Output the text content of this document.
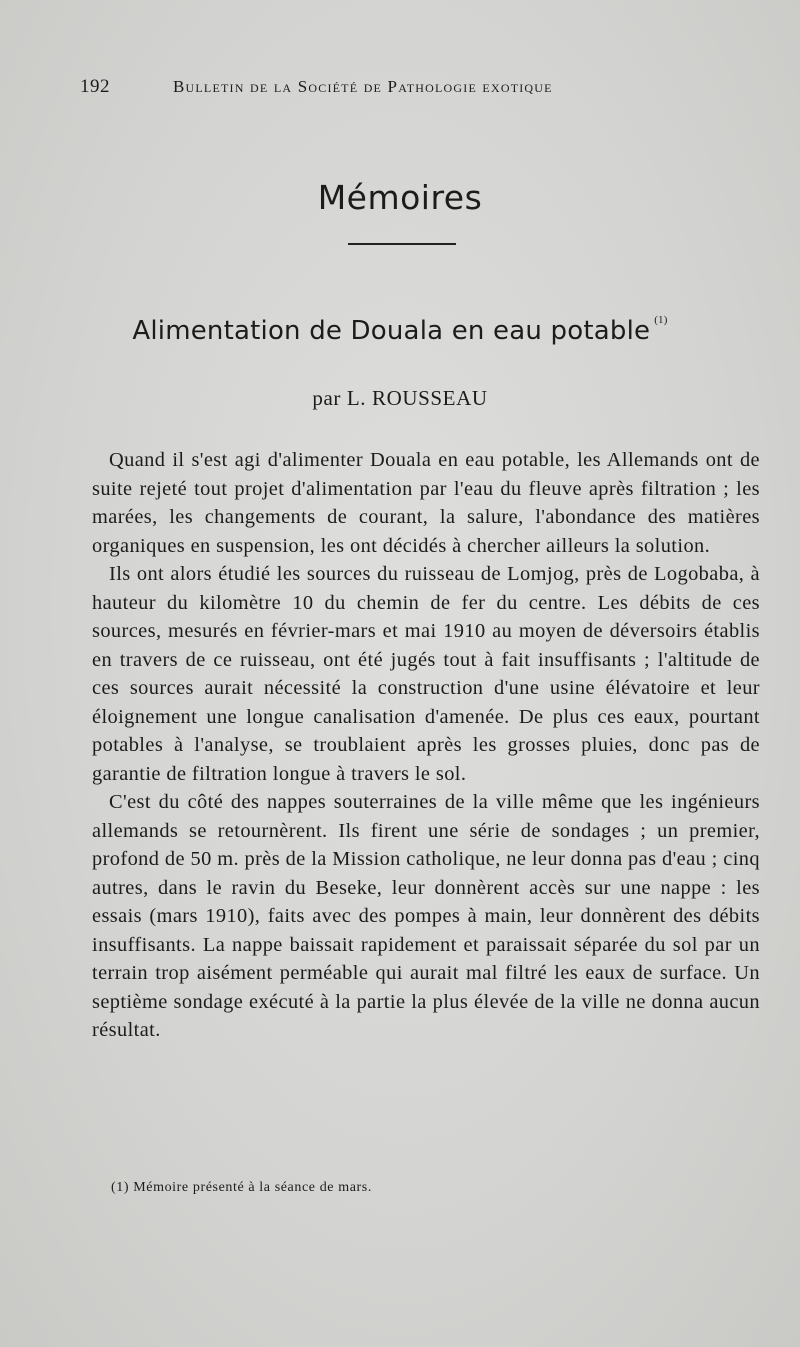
192	Bulletin de la Société de Pathologie exotique
Mémoires
Alimentation de Douala en eau potable $^{(1)}$
par L. ROUSSEAU

Quand il s'est agi d'alimenter Douala en eau potable, les Allemands ont de suite rejeté tout projet d'alimentation par l'eau du fleuve après filtration ; les marées, les changements de courant, la salure, l'abondance des matières organiques en suspension, les ont décidés à chercher ailleurs la solution.

Ils ont alors étudié les sources du ruisseau de Lomjog, près de Logobaba, à hauteur du kilomètre 10 du chemin de fer du centre. Les débits de ces sources, mesurés en février-mars et mai 1910 au moyen de déversoirs établis en travers de ce ruisseau, ont été jugés tout à fait insuffisants ; l'altitude de ces sources aurait nécessité la construction d'une usine élévatoire et leur éloignement une longue canalisation d'amenée. De plus ces eaux, pourtant potables à l'analyse, se troublaient après les grosses pluies, donc pas de garantie de filtration longue à travers le sol.

C'est du côté des nappes souterraines de la ville même que les ingénieurs allemands se retournèrent. Ils firent une série de sondages ; un premier, profond de 50 m. près de la Mission catholique, ne leur donna pas d'eau ; cinq autres, dans le ravin du Beseke, leur donnèrent accès sur une nappe : les essais (mars 1910), faits avec des pompes à main, leur donnèrent des débits insuffisants. La nappe baissait rapidement et paraissait séparée du sol par un terrain trop aisément perméable qui aurait mal filtré les eaux de surface. Un septième sondage exécuté à la partie la plus élevée de la ville ne donna aucun résultat.

(1) Mémoire présenté à la séance de mars.
